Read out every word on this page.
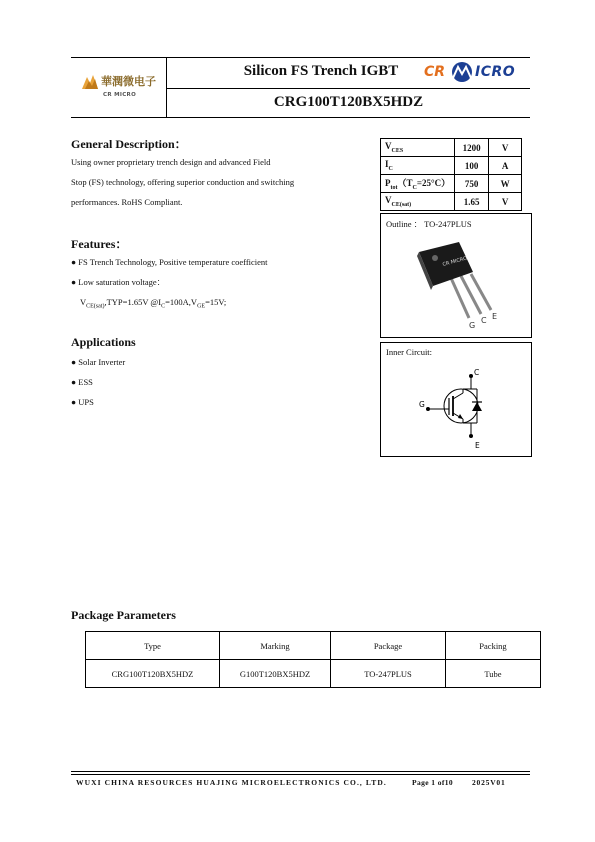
華潤微电子
CR MICRO
Silicon FS Trench IGBT
CRG100T120BX5HDZ
CR ICRO
General Description：
Using owner proprietary trench design and advanced Field
Stop (FS) technology, offering superior conduction and switching
performances. RoHS Compliant.
Features：
● FS Trench Technology, Positive temperature coefficient
● Low saturation voltage：
$V_{CE(sat)},TYP=1.65V$ $@I_C=100A,V_{GE}=15V$;
Applications
● Solar Inverter
● ESS
● UPS
$V_{CES}$	1200	V
$I_C$	100	A
$P_{tot}(T_C=25^\circ C)$	750	W
$V_{CE(sat)}$	1.65	V
Outline ： TO-247PLUS
CR MICRO
G
C E
Inner Circuit:
C
G
E
Package Parameters
Type	Marking	Package	Packing
CRG100T120BX5HDZ	G100T120BX5HDZ	TO-247PLUS	Tube
WUXI CHINA RESOURCES HUAJING MICROELECTRONICS CO., LTD.	Page 1 of10	2025V01
